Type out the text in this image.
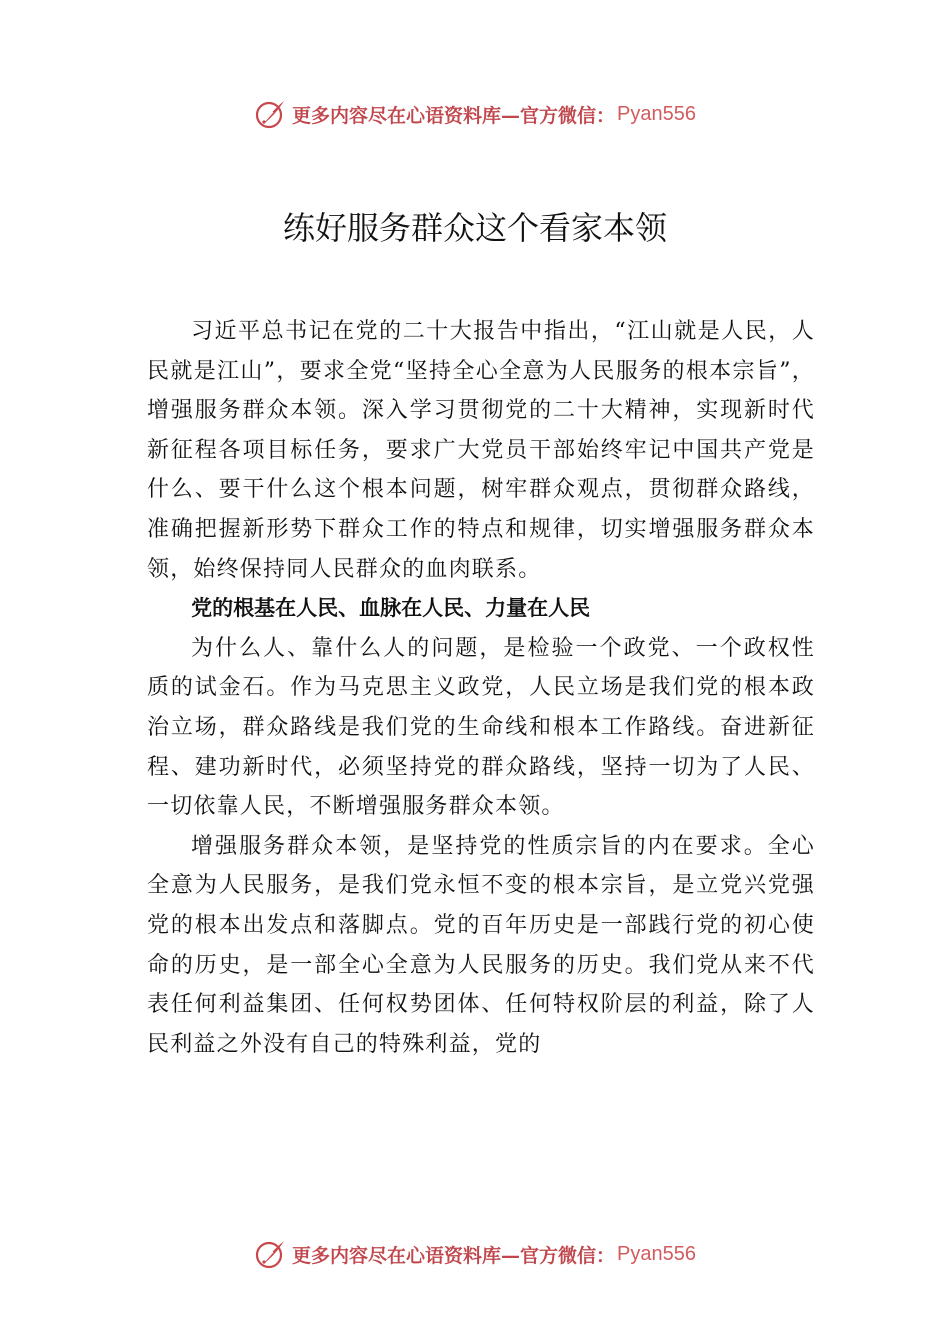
更多内容尽在心语资料库—官方微信： Pyan556
练好服务群众这个看家本领

习近平总书记在党的二十大报告中指出，“江山就是人民，人民就是江山”，要求全党“坚持全心全意为人民服务的根本宗旨”，增强服务群众本领。深入学习贯彻党的二十大精神，实现新时代新征程各项目标任务，要求广大党员干部始终牢记中国共产党是什么、要干什么这个根本问题，树牢群众观点，贯彻群众路线，准确把握新形势下群众工作的特点和规律，切实增强服务群众本领，始终保持同人民群众的血肉联系。

党的根基在人民、血脉在人民、力量在人民

为什么人、靠什么人的问题，是检验一个政党、一个政权性质的试金石。作为马克思主义政党，人民立场是我们党的根本政治立场，群众路线是我们党的生命线和根本工作路线。奋进新征程、建功新时代，必须坚持党的群众路线，坚持一切为了人民、一切依靠人民，不断增强服务群众本领。

增强服务群众本领，是坚持党的性质宗旨的内在要求。全心全意为人民服务，是我们党永恒不变的根本宗旨，是立党兴党强党的根本出发点和落脚点。党的百年历史是一部践行党的初心使命的历史，是一部全心全意为人民服务的历史。我们党从来不代表任何利益集团、任何权势团体、任何特权阶层的利益，除了人民利益之外没有自己的特殊利益，党的

更多内容尽在心语资料库—官方微信： Pyan556
